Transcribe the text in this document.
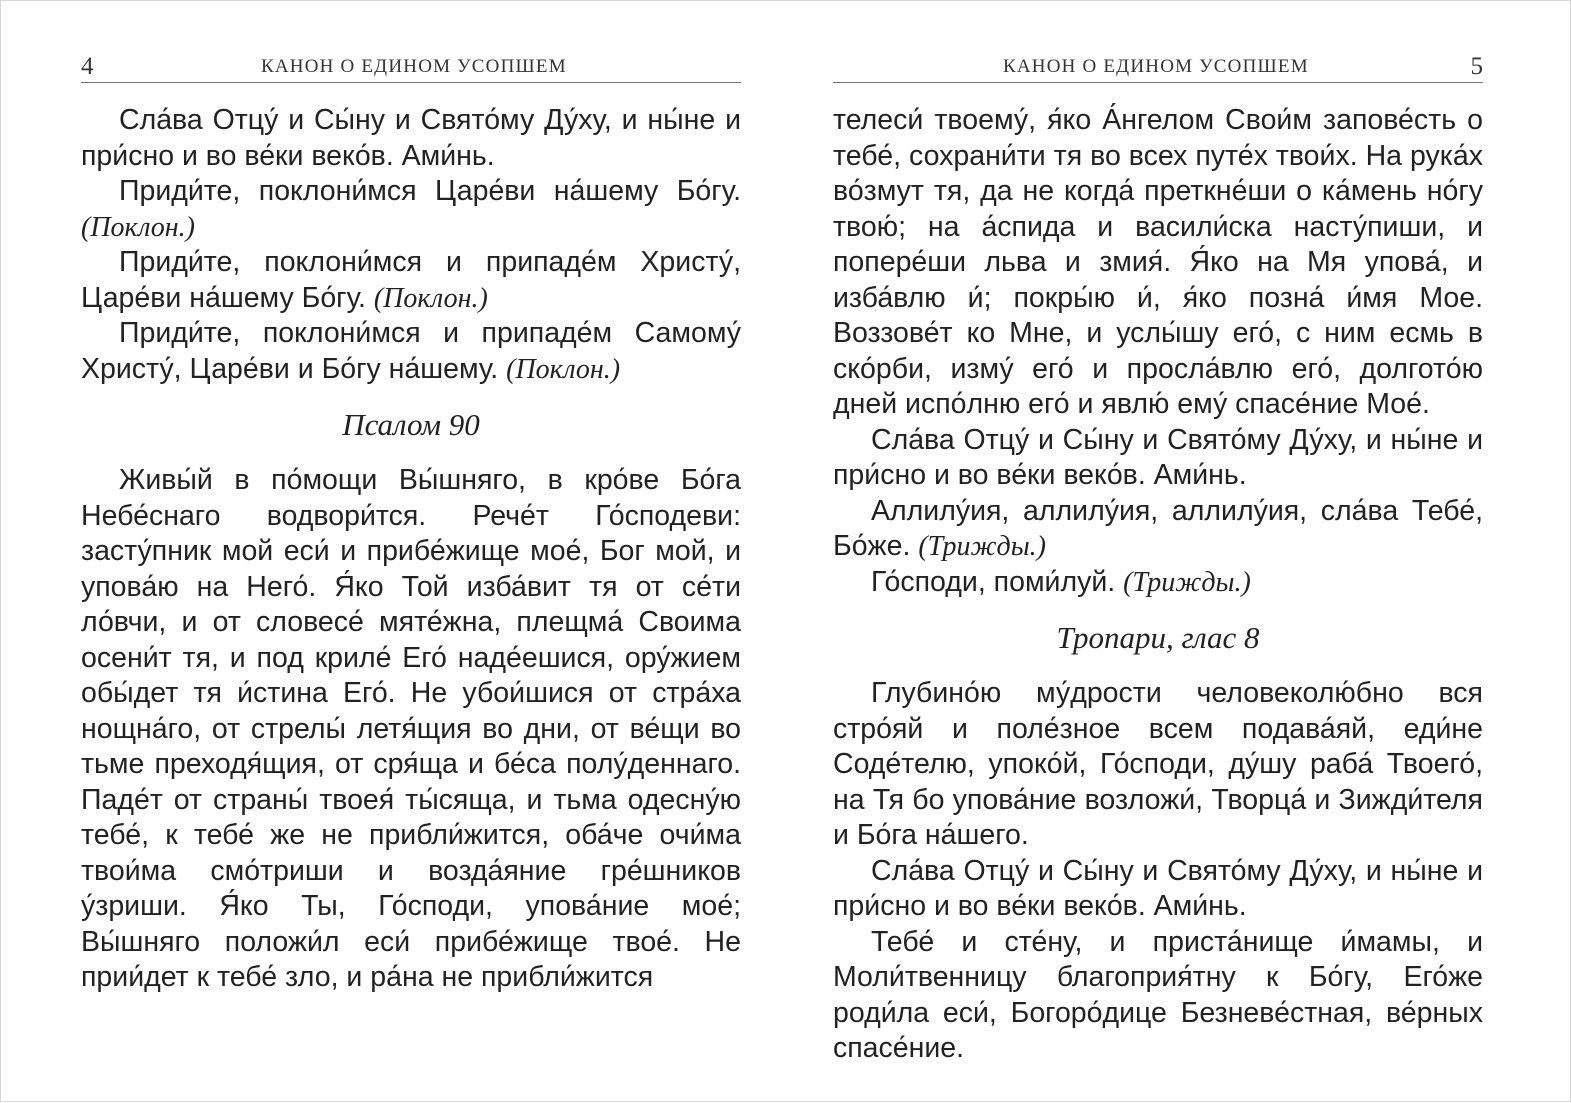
4	КАНОН О ЕДИНОМ УСОПШЕМ

Сла́ва Отцу́ и Сы́ну и Свято́му Ду́ху, и ны́не и при́сно и во ве́ки веко́в. Ами́нь.

Приди́те, поклони́мся Царе́ви на́шему Бо́гу. (Поклон.)

Приди́те, поклони́мся и припаде́м Христу́, Царе́ви на́шему Бо́гу. (Поклон.)

Приди́те, поклони́мся и припаде́м Самому́ Христу́, Царе́ви и Бо́гу на́шему. (Поклон.)

Псалом 90

Живы́й в по́мощи Вы́шняго, в кро́ве Бо́га Небе́снаго водвори́тся. Рече́т Го́сподеви: засту́пник мой еси́ и прибе́жище мое́, Бог мой, и упова́ю на Него́. Я́ко Той изба́вит тя от се́ти ло́вчи, и от словесе́ мяте́жна, плещма́ Своима осени́т тя, и под криле́ Его́ наде́ешися, ору́жием обы́дет тя и́стина Его́. Не убои́шися от стра́ха нощна́го, от стрелы́ летя́щия во дни, от ве́щи во тьме преходя́щия, от сря́ща и бе́са полу́деннаго. Паде́т от страны́ твоея́ ты́сяща, и тьма одесну́ю тебе́, к тебе́ же не прибли́жится, оба́че очи́ма твои́ма смо́триши и возда́яние гре́шников у́зриши. Я́ко Ты, Го́споди, упова́ние мое́; Вы́шняго положи́л еси́ прибе́жище твое́. Не прии́дет к тебе́ зло, и ра́на не прибли́жится

КАНОН О ЕДИНОМ УСОПШЕМ	5

телеси́ твоему́, я́ко А́нгелом Свои́м запове́сть о тебе́, сохрани́ти тя во всех путе́х твои́х. На рука́х во́змут тя, да не когда́ преткне́ши о ка́мень но́гу твою́; на а́спида и васили́ска насту́пиши, и попере́ши льва и змия́. Я́ко на Мя упова́, и изба́влю и́; покры́ю и́, я́ко позна́ и́мя Мое. Воззове́т ко Мне, и услы́шу его́, с ним есмь в ско́рби, изму́ его́ и просла́влю его́, долгото́ю дней испо́лню его́ и явлю́ ему́ спасе́ние Мое́.

Сла́ва Отцу́ и Сы́ну и Свято́му Ду́ху, и ны́не и при́сно и во ве́ки веко́в. Ами́нь.

Аллилу́ия, аллилу́ия, аллилу́ия, сла́ва Тебе́, Бо́же. (Трижды.)

Го́споди, поми́луй. (Трижды.)

Тропари, глас 8

Глубино́ю му́дрости человеколю́бно вся стро́яй и поле́зное всем подава́яй, еди́не Соде́телю, упоко́й, Го́споди, ду́шу раба́ Твоего́, на Тя бо упова́ние возложи́, Творца́ и Зижди́теля и Бо́га на́шего.

Сла́ва Отцу́ и Сы́ну и Свято́му Ду́ху, и ны́не и при́сно и во ве́ки веко́в. Ами́нь.

Тебе́ и сте́ну, и приста́нище и́мамы, и Моли́твенницу благоприя́тну к Бо́гу, Его́же роди́ла еси́, Богоро́дице Безневе́стная, ве́рных спасе́ние.
